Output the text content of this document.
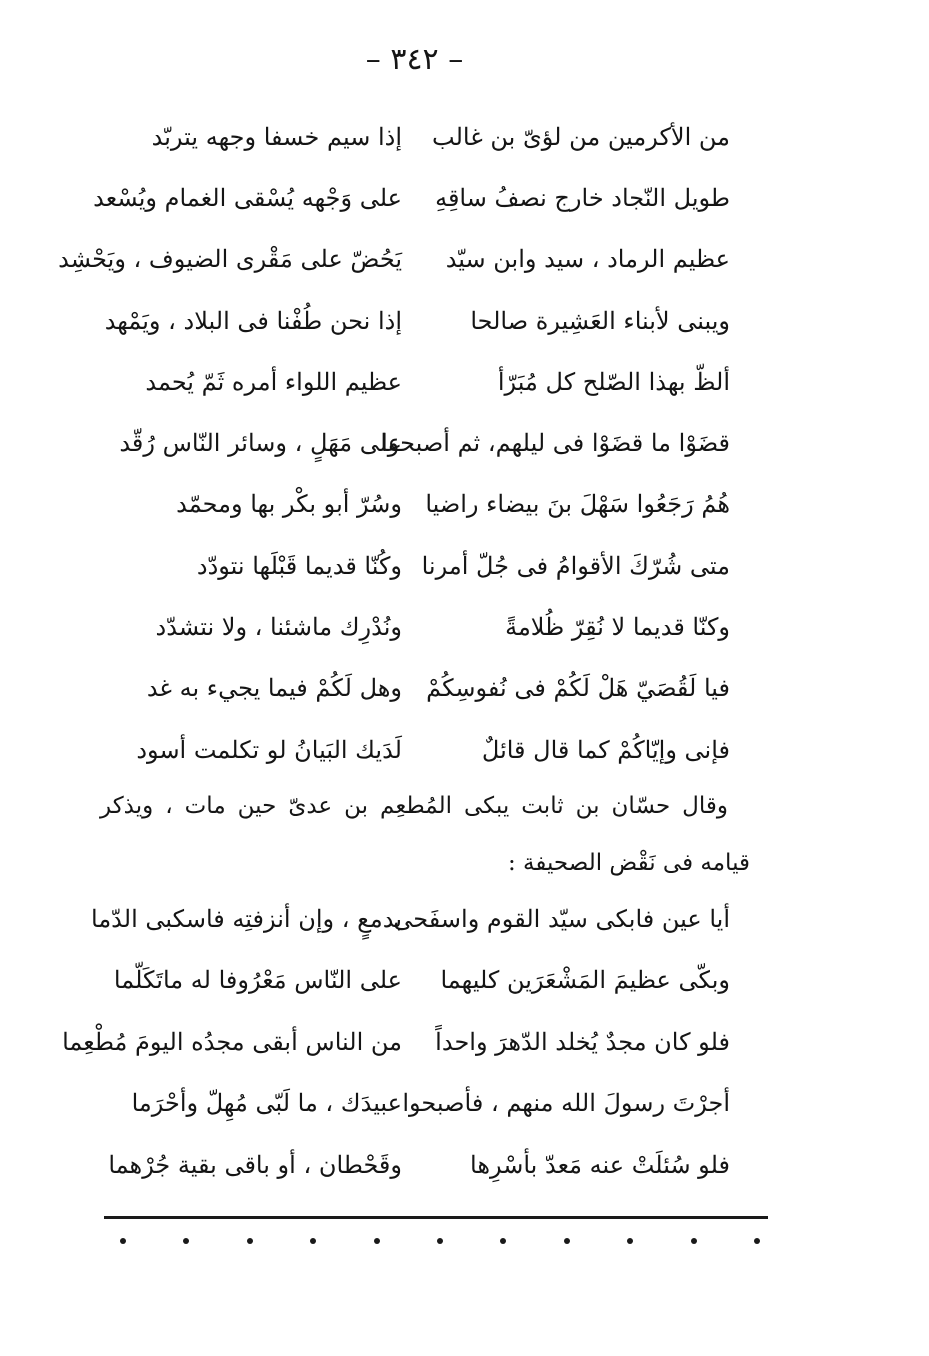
– ٣٤٢ –
من الأكرمين من لؤىّ بن غالب
إذا سيم خسفا وجهه يتربّد
طويل النّجاد خارج نصفُ ساقِهِ
على وَجْهه يُسْقى الغمام ويُسْعد
عظيم الرماد ، سيد وابن سيّد
يَحُضّ على مَقْرى الضيوف ، ويَحْشِد
ويبنى لأبناء العَشِيرة صالحا
إذا نحن طُفْنا فى البلاد ، ويَمْهد
ألظّ بهذا الصّلح كل مُبَرّأ
عظيم اللواء أمره ثَمّ يُحمد
قضَوْا ما قضَوْا فى ليلهم، ثم أصبحوا
على مَهَلٍ ، وسائر النّاس رُقّد
هُمُ رَجَعُوا سَهْلَ بنَ بيضاء راضيا
وسُرّ أبو بكْر بها ومحمّد
متى شُرّكَ الأقوامُ فى جُلّ أمرنا
وكُنّا قديما قَبْلَها نتودّد
وكنّا قديما لا نُقِرّ ظُلامةً
ونُدْرِك ماشئنا ، ولا نتشدّد
فيا لَقُصَيّ هَلْ لَكُمْ فى نُفوسِكُمْ
وهل لَكُمْ فيما يجيء به غد
فإنى وإيّاكُمْ كما قال قائلٌ
لَدَيك البَيانُ لو تكلمت أسود
وقال حسّان بن ثابت يبكى المُطعِم بن عدىّ حين مات ، ويذكر قيامه فى نَقْض الصحيفة :
أيا عين فابكى سيّد القوم واسفَحى
بدمعٍ ، وإن أنزفتِه فاسكبى الدّما
وبكّى عظيمَ المَشْعَرَين كليهما
على النّاس مَعْرُوفا له ماتَكَلّما
فلو كان مجدٌ يُخلد الدّهرَ واحداً
من الناس أبقى مجدُه اليومَ مُطْعِما
أجرْتَ رسولَ الله منهم ، فأصبحوا
عبيدَك ، ما لَبّى مُهِلّ وأحْرَما
فلو سُئلَتْ عنه مَعدّ بأسْرِها
وقَحْطان ، أو باقى بقية جُرْهما
